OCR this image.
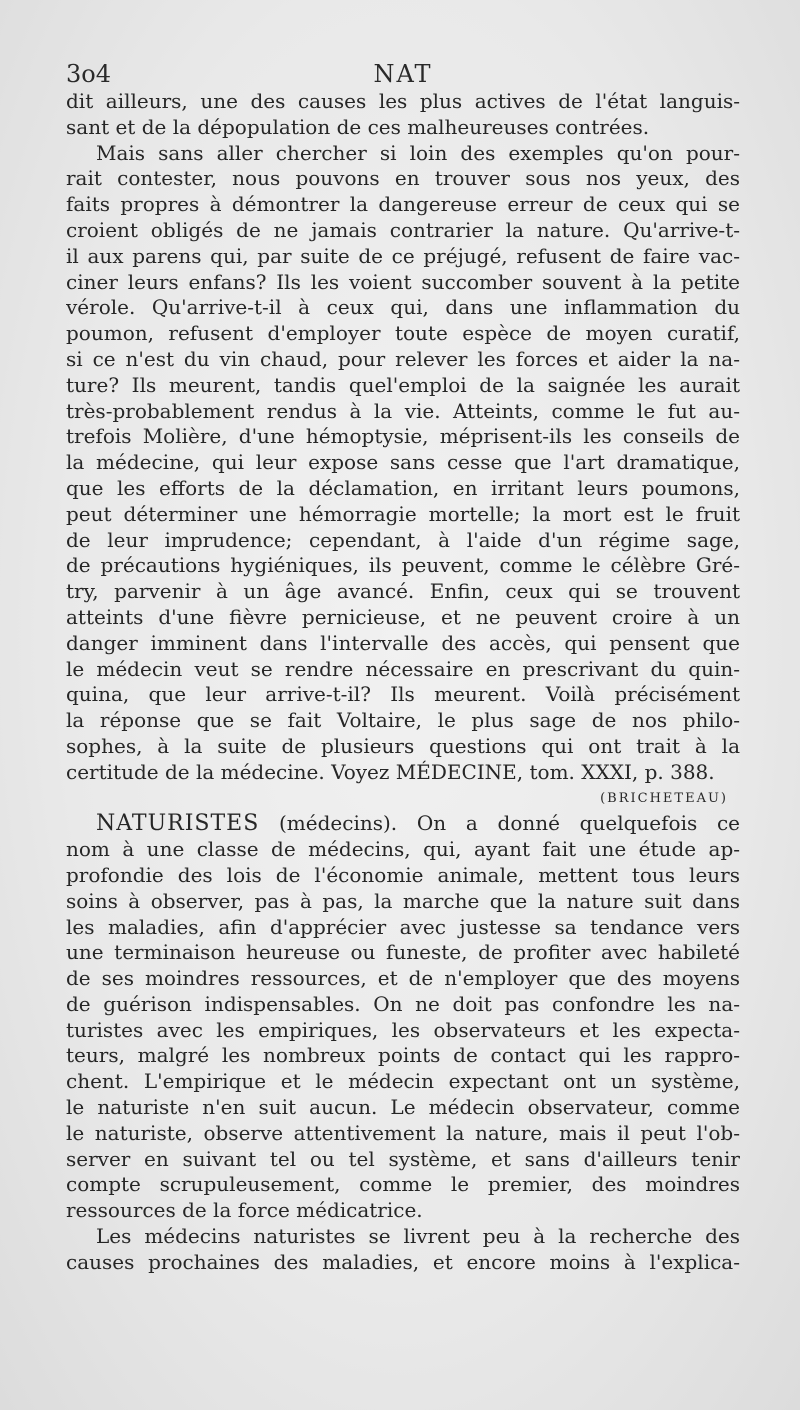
3o4	NAT
dit ailleurs, une des causes les plus actives de l'état languis-
sant et de la dépopulation de ces malheureuses contrées.
Mais sans aller chercher si loin des exemples qu'on pour-
rait contester, nous pouvons en trouver sous nos yeux, des
faits propres à démontrer la dangereuse erreur de ceux qui se
croient obligés de ne jamais contrarier la nature. Qu'arrive-t-
il aux parens qui, par suite de ce préjugé, refusent de faire vac-
ciner leurs enfans? Ils les voient succomber souvent à la petite
vérole. Qu'arrive-t-il à ceux qui, dans une inflammation du
poumon, refusent d'employer toute espèce de moyen curatif,
si ce n'est du vin chaud, pour relever les forces et aider la na-
ture? Ils meurent, tandis quel'emploi de la saignée les aurait
très-probablement rendus à la vie. Atteints, comme le fut au-
trefois Molière, d'une hémoptysie, méprisent-ils les conseils de
la médecine, qui leur expose sans cesse que l'art dramatique,
que les efforts de la déclamation, en irritant leurs poumons,
peut déterminer une hémorragie mortelle; la mort est le fruit
de leur imprudence; cependant, à l'aide d'un régime sage,
de précautions hygiéniques, ils peuvent, comme le célèbre Gré-
try, parvenir à un âge avancé. Enfin, ceux qui se trouvent
atteints d'une fièvre pernicieuse, et ne peuvent croire à un
danger imminent dans l'intervalle des accès, qui pensent que
le médecin veut se rendre nécessaire en prescrivant du quin-
quina, que leur arrive-t-il? Ils meurent. Voilà précisément
la réponse que se fait Voltaire, le plus sage de nos philo-
sophes, à la suite de plusieurs questions qui ont trait à la
certitude de la médecine. Voyez MÉDECINE, tom. XXXI, p. 388.
(BRICHETEAU)
NATURISTES (médecins). On a donné quelquefois ce
nom à une classe de médecins, qui, ayant fait une étude ap-
profondie des lois de l'économie animale, mettent tous leurs
soins à observer, pas à pas, la marche que la nature suit dans
les maladies, afin d'apprécier avec justesse sa tendance vers
une terminaison heureuse ou funeste, de profiter avec habileté
de ses moindres ressources, et de n'employer que des moyens
de guérison indispensables. On ne doit pas confondre les na-
turistes avec les empiriques, les observateurs et les expecta-
teurs, malgré les nombreux points de contact qui les rappro-
chent. L'empirique et le médecin expectant ont un système,
le naturiste n'en suit aucun. Le médecin observateur, comme
le naturiste, observe attentivement la nature, mais il peut l'ob-
server en suivant tel ou tel système, et sans d'ailleurs tenir
compte scrupuleusement, comme le premier, des moindres
ressources de la force médicatrice.
Les médecins naturistes se livrent peu à la recherche des
causes prochaines des maladies, et encore moins à l'explica-
